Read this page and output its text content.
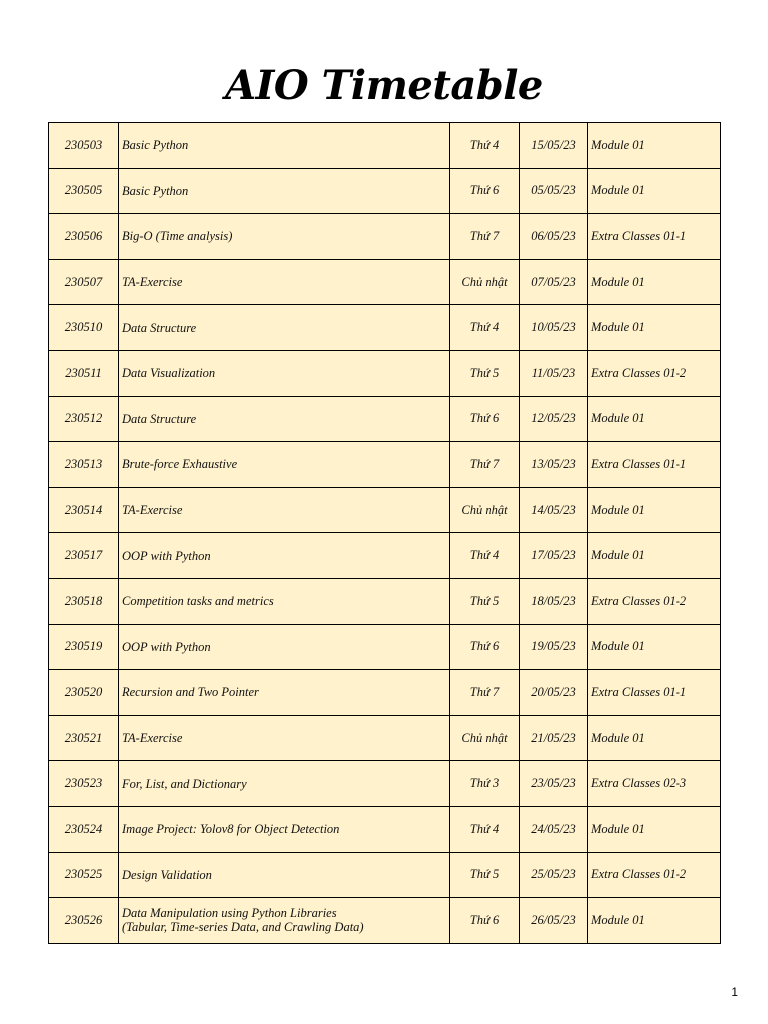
AIO Timetable
230503	Basic Python	Thứ 4	15/05/23	Module 01
230505	Basic Python	Thứ 6	05/05/23	Module 01
230506	Big-O (Time analysis)	Thứ 7	06/05/23	Extra Classes 01-1
230507	TA-Exercise	Chủ nhật	07/05/23	Module 01
230510	Data Structure	Thứ 4	10/05/23	Module 01
230511	Data Visualization	Thứ 5	11/05/23	Extra Classes 01-2
230512	Data Structure	Thứ 6	12/05/23	Module 01
230513	Brute-force Exhaustive	Thứ 7	13/05/23	Extra Classes 01-1
230514	TA-Exercise	Chủ nhật	14/05/23	Module 01
230517	OOP with Python	Thứ 4	17/05/23	Module 01
230518	Competition tasks and metrics	Thứ 5	18/05/23	Extra Classes 01-2
230519	OOP with Python	Thứ 6	19/05/23	Module 01
230520	Recursion and Two Pointer	Thứ 7	20/05/23	Extra Classes 01-1
230521	TA-Exercise	Chủ nhật	21/05/23	Module 01
230523	For, List, and Dictionary	Thứ 3	23/05/23	Extra Classes 02-3
230524	Image Project: Yolov8 for Object Detection	Thứ 4	24/05/23	Module 01
230525	Design Validation	Thứ 5	25/05/23	Extra Classes 01-2
230526	Data Manipulation using Python Libraries
(Tabular, Time-series Data, and Crawling Data)	Thứ 6	26/05/23	Module 01
1
